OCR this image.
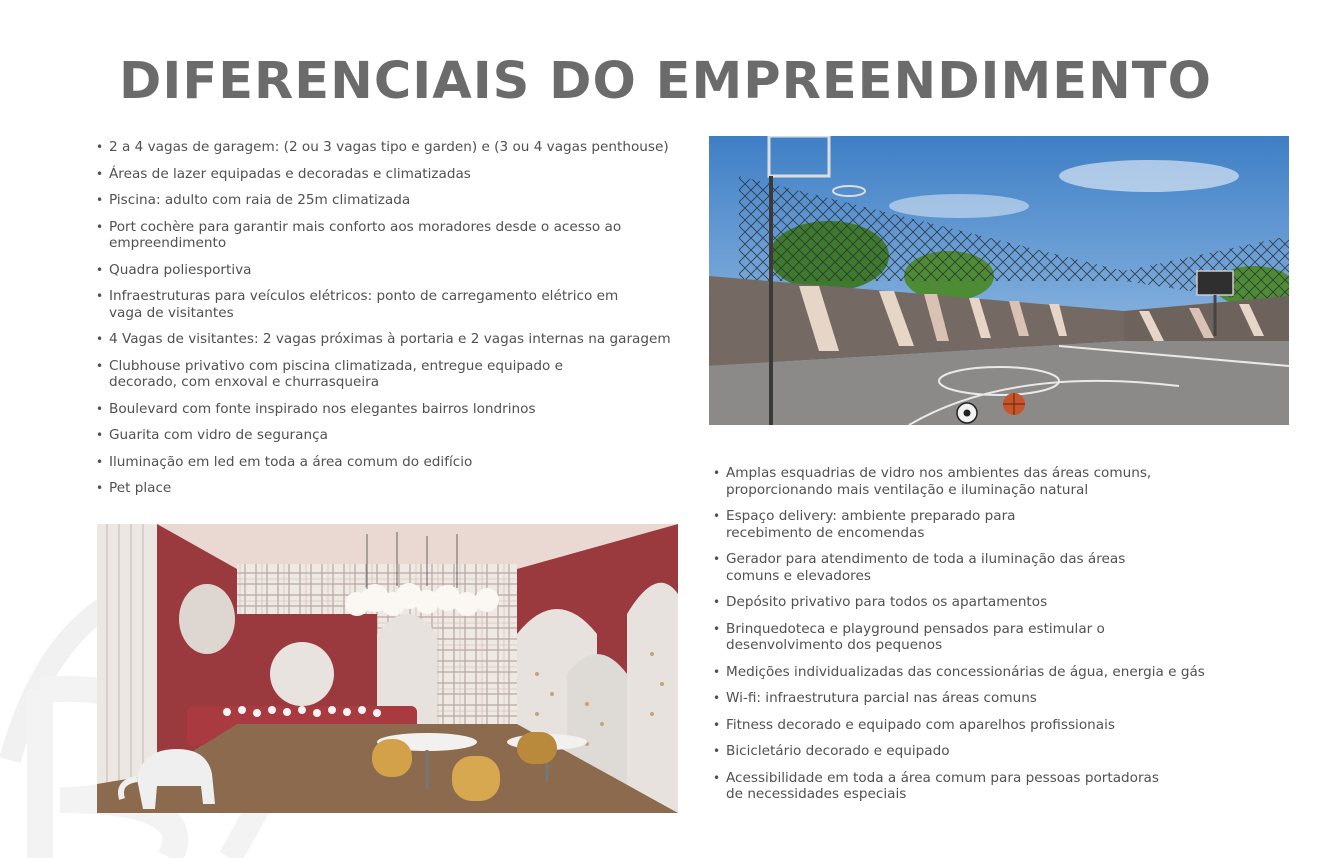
DIFERENCIAIS DO EMPREENDIMENTO
• 2 a 4 vagas de garagem: (2 ou 3 vagas tipo e garden) e (3 ou 4 vagas penthouse)
• Áreas de lazer equipadas e decoradas e climatizadas
• Piscina: adulto com raia de 25m climatizada
• Port cochère para garantir mais conforto aos moradores desde o acesso ao empreendimento
• Quadra poliesportiva
• Infraestruturas para veículos elétricos: ponto de carregamento elétrico em vaga de visitantes
• 4 Vagas de visitantes: 2 vagas próximas à portaria e 2 vagas internas na garagem
• Clubhouse privativo com piscina climatizada, entregue equipado e decorado, com enxoval e churrasqueira
• Boulevard com fonte inspirado nos elegantes bairros londrinos
• Guarita com vidro de segurança
• Iluminação em led em toda a área comum do edifício
• Pet place
• Amplas esquadrias de vidro nos ambientes das áreas comuns, proporcionando mais ventilação e iluminação natural
• Espaço delivery: ambiente preparado para recebimento de encomendas
• Gerador para atendimento de toda a iluminação das áreas comuns e elevadores
• Depósito privativo para todos os apartamentos
• Brinquedoteca e playground pensados para estimular o desenvolvimento dos pequenos
• Medições individualizadas das concessionárias de água, energia e gás
• Wi-fi: infraestrutura parcial nas áreas comuns
• Fitness decorado e equipado com aparelhos profissionais
• Bicicletário decorado e equipado
• Acessibilidade em toda a área comum para pessoas portadoras de necessidades especiais
